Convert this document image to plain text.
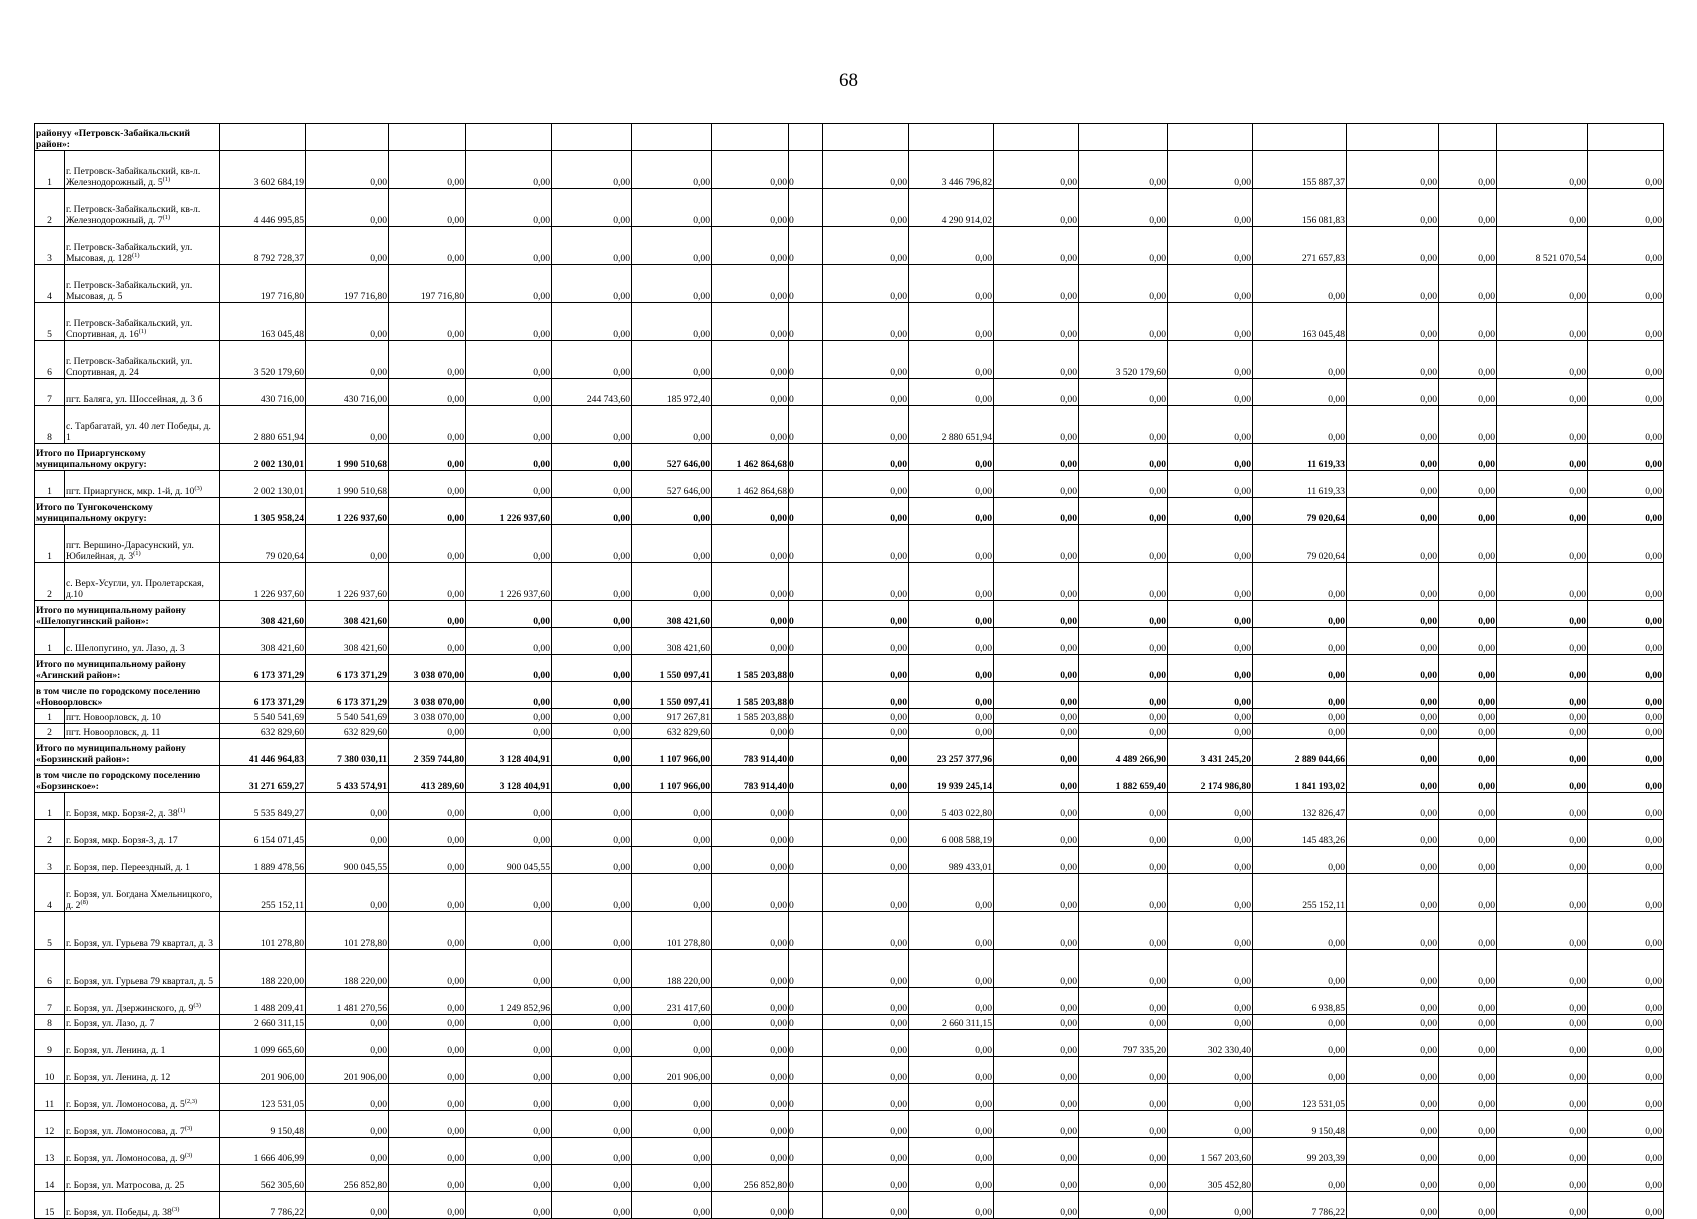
68
районуу «Петровск-Забайкальский район»:																			
1	г. Петровск-Забайкальский, кв-л. Железнодорожный, д. 5$^{(1)}$	3 602 684,19	0,00	0,00	0,00	0,00	0,00	0,00	0	0,00	3 446 796,82	0,00	0,00	0,00	155 887,37	0,00	0,00	0,00	0,00
2	г. Петровск-Забайкальский, кв-л. Железнодорожный, д. 7$^{(1)}$	4 446 995,85	0,00	0,00	0,00	0,00	0,00	0,00	0	0,00	4 290 914,02	0,00	0,00	0,00	156 081,83	0,00	0,00	0,00	0,00
3	г. Петровск-Забайкальский, ул. Мысовая, д. 128$^{(1)}$	8 792 728,37	0,00	0,00	0,00	0,00	0,00	0,00	0	0,00	0,00	0,00	0,00	0,00	271 657,83	0,00	0,00	8 521 070,54	0,00
4	г. Петровск-Забайкальский, ул. Мысовая, д. 5	197 716,80	197 716,80	197 716,80	0,00	0,00	0,00	0,00	0	0,00	0,00	0,00	0,00	0,00	0,00	0,00	0,00	0,00	0,00
5	г. Петровск-Забайкальский, ул. Спортивная, д. 16$^{(1)}$	163 045,48	0,00	0,00	0,00	0,00	0,00	0,00	0	0,00	0,00	0,00	0,00	0,00	163 045,48	0,00	0,00	0,00	0,00
6	г. Петровск-Забайкальский, ул. Спортивная, д. 24	3 520 179,60	0,00	0,00	0,00	0,00	0,00	0,00	0	0,00	0,00	0,00	3 520 179,60	0,00	0,00	0,00	0,00	0,00	0,00
7	пгт. Балягa, ул. Шоссейная, д. 3 б	430 716,00	430 716,00	0,00	0,00	244 743,60	185 972,40	0,00	0	0,00	0,00	0,00	0,00	0,00	0,00	0,00	0,00	0,00	0,00
8	с. Тарбагатай, ул. 40 лет Победы, д. 1	2 880 651,94	0,00	0,00	0,00	0,00	0,00	0,00	0	0,00	2 880 651,94	0,00	0,00	0,00	0,00	0,00	0,00	0,00	0,00
Итого по Приаргунскому муниципальному округу:		2 002 130,01	1 990 510,68	0,00	0,00	0,00	527 646,00	1 462 864,68	0	0,00	0,00	0,00	0,00	0,00	11 619,33	0,00	0,00	0,00	0,00
1	пгт. Приаргунск, мкр. 1-й, д. 10$^{(3)}$	2 002 130,01	1 990 510,68	0,00	0,00	0,00	527 646,00	1 462 864,68	0	0,00	0,00	0,00	0,00	0,00	11 619,33	0,00	0,00	0,00	0,00
Итого по Тунгокоченскому муниципальному округу:		1 305 958,24	1 226 937,60	0,00	1 226 937,60	0,00	0,00	0,00	0	0,00	0,00	0,00	0,00	0,00	79 020,64	0,00	0,00	0,00	0,00
1	пгт. Вершино-Дарасунский, ул. Юбилейная, д. 3$^{(1)}$	79 020,64	0,00	0,00	0,00	0,00	0,00	0,00	0	0,00	0,00	0,00	0,00	0,00	79 020,64	0,00	0,00	0,00	0,00
2	с. Верх-Усугли, ул. Пролетарская, д.10	1 226 937,60	1 226 937,60	0,00	1 226 937,60	0,00	0,00	0,00	0	0,00	0,00	0,00	0,00	0,00	0,00	0,00	0,00	0,00	0,00
Итого по муниципальному району «Шелопугинский район»:		308 421,60	308 421,60	0,00	0,00	0,00	308 421,60	0,00	0	0,00	0,00	0,00	0,00	0,00	0,00	0,00	0,00	0,00	0,00
1	с. Шелопугино, ул. Лазо, д. 3	308 421,60	308 421,60	0,00	0,00	0,00	308 421,60	0,00	0	0,00	0,00	0,00	0,00	0,00	0,00	0,00	0,00	0,00	0,00
Итого по муниципальному району «Агинский район»:		6 173 371,29	6 173 371,29	3 038 070,00	0,00	0,00	1 550 097,41	1 585 203,88	0	0,00	0,00	0,00	0,00	0,00	0,00	0,00	0,00	0,00	0,00
в том числе по городскому поселению «Новоорловск»		6 173 371,29	6 173 371,29	3 038 070,00	0,00	0,00	1 550 097,41	1 585 203,88	0	0,00	0,00	0,00	0,00	0,00	0,00	0,00	0,00	0,00	0,00
1	пгт. Новоорловск, д. 10	5 540 541,69	5 540 541,69	3 038 070,00	0,00	0,00	917 267,81	1 585 203,88	0	0,00	0,00	0,00	0,00	0,00	0,00	0,00	0,00	0,00	0,00
2	пгт. Новоорловск, д. 11	632 829,60	632 829,60	0,00	0,00	0,00	632 829,60	0,00	0	0,00	0,00	0,00	0,00	0,00	0,00	0,00	0,00	0,00	0,00
Итого по муниципальному району «Борзинский район»:		41 446 964,83	7 380 030,11	2 359 744,80	3 128 404,91	0,00	1 107 966,00	783 914,40	0	0,00	23 257 377,96	0,00	4 489 266,90	3 431 245,20	2 889 044,66	0,00	0,00	0,00	0,00
в том числе по городскому поселению «Борзинское»:		31 271 659,27	5 433 574,91	413 289,60	3 128 404,91	0,00	1 107 966,00	783 914,40	0	0,00	19 939 245,14	0,00	1 882 659,40	2 174 986,80	1 841 193,02	0,00	0,00	0,00	0,00
1	г. Борзя, мкр. Борзя-2, д. 38$^{(1)}$	5 535 849,27	0,00	0,00	0,00	0,00	0,00	0,00	0	0,00	5 403 022,80	0,00	0,00	0,00	132 826,47	0,00	0,00	0,00	0,00
2	г. Борзя, мкр. Борзя-3, д. 17	6 154 071,45	0,00	0,00	0,00	0,00	0,00	0,00	0	0,00	6 008 588,19	0,00	0,00	0,00	145 483,26	0,00	0,00	0,00	0,00
3	г. Борзя, пер. Переездный, д. 1	1 889 478,56	900 045,55	0,00	900 045,55	0,00	0,00	0,00	0	0,00	989 433,01	0,00	0,00	0,00	0,00	0,00	0,00	0,00	0,00
4	г. Борзя, ул. Богдана Хмельницкого, д. 2$^{(8)}$	255 152,11	0,00	0,00	0,00	0,00	0,00	0,00	0	0,00	0,00	0,00	0,00	0,00	255 152,11	0,00	0,00	0,00	0,00
5	г. Борзя, ул. Гурьева 79 квартал, д. 3	101 278,80	101 278,80	0,00	0,00	0,00	101 278,80	0,00	0	0,00	0,00	0,00	0,00	0,00	0,00	0,00	0,00	0,00	0,00
6	г. Борзя, ул. Гурьева 79 квартал, д. 5	188 220,00	188 220,00	0,00	0,00	0,00	188 220,00	0,00	0	0,00	0,00	0,00	0,00	0,00	0,00	0,00	0,00	0,00	0,00
7	г. Борзя, ул. Дзержинского, д. 9$^{(3)}$	1 488 209,41	1 481 270,56	0,00	1 249 852,96	0,00	231 417,60	0,00	0	0,00	0,00	0,00	0,00	0,00	6 938,85	0,00	0,00	0,00	0,00
8	г. Борзя, ул. Лазо, д. 7	2 660 311,15	0,00	0,00	0,00	0,00	0,00	0,00	0	0,00	2 660 311,15	0,00	0,00	0,00	0,00	0,00	0,00	0,00	0,00
9	г. Борзя, ул. Ленина, д. 1	1 099 665,60	0,00	0,00	0,00	0,00	0,00	0,00	0	0,00	0,00	0,00	797 335,20	302 330,40	0,00	0,00	0,00	0,00	0,00
10	г. Борзя, ул. Ленина, д. 12	201 906,00	201 906,00	0,00	0,00	0,00	201 906,00	0,00	0	0,00	0,00	0,00	0,00	0,00	0,00	0,00	0,00	0,00	0,00
11	г. Борзя, ул. Ломоносова, д. 5$^{(2,3)}$	123 531,05	0,00	0,00	0,00	0,00	0,00	0,00	0	0,00	0,00	0,00	0,00	0,00	123 531,05	0,00	0,00	0,00	0,00
12	г. Борзя, ул. Ломоносова, д. 7$^{(3)}$	9 150,48	0,00	0,00	0,00	0,00	0,00	0,00	0	0,00	0,00	0,00	0,00	0,00	9 150,48	0,00	0,00	0,00	0,00
13	г. Борзя, ул. Ломоносова, д. 9$^{(3)}$	1 666 406,99	0,00	0,00	0,00	0,00	0,00	0,00	0	0,00	0,00	0,00	0,00	1 567 203,60	99 203,39	0,00	0,00	0,00	0,00
14	г. Борзя, ул. Матросова, д. 25	562 305,60	256 852,80	0,00	0,00	0,00	0,00	256 852,80	0	0,00	0,00	0,00	0,00	305 452,80	0,00	0,00	0,00	0,00	0,00
15	г. Борзя, ул. Победы, д. 38$^{(3)}$	7 786,22	0,00	0,00	0,00	0,00	0,00	0,00	0	0,00	0,00	0,00	0,00	0,00	7 786,22	0,00	0,00	0,00	0,00
